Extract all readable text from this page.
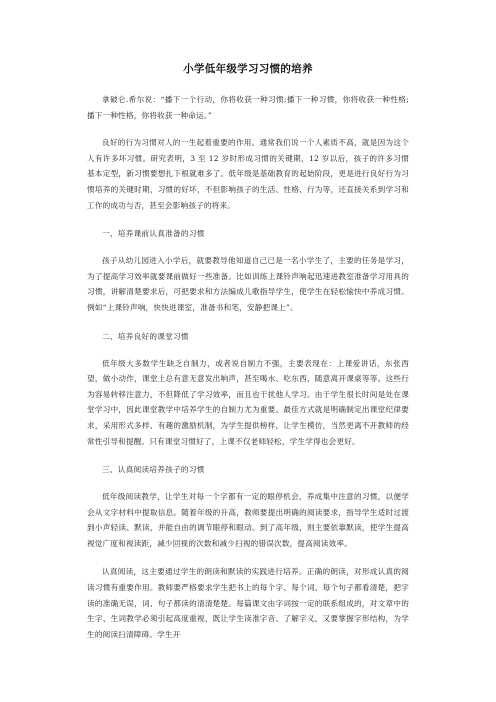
小学低年级学习习惯的培养

拿破仑.希尔说：“播下一个行动，你将收获一种习惯;播下一种习惯，你将收获一种性格;播下一种性格，你将收获一种命运。”

良好的行为习惯对人的一生起着重要的作用。通常我们说一个人素质不高，就是因为这个人有许多坏习惯。研究表明，3 至 12 岁时形成习惯的关键期，12 岁以后，孩子的许多习惯基本定型，新习惯要想扎下根就难多了。低年级是基础教育的起始阶段，更是进行良好行为习惯培养的关键时期，习惯的好坏，不但影响孩子的生活、性格、行为等，还直接关系到学习和工作的成功与否，甚至会影响孩子的将来。

一、培养课前认真准备的习惯

孩子从幼儿园进入小学后，就要教导他知道自己已是一名小学生了，主要的任务是学习，为了提高学习效率就要课前做好一些准备。比如训练上课铃声响起迅速进教室准备学习用具的习惯，讲解清楚要求后，可把要求和方法编成儿歌指导学生，使学生在轻松愉快中养成习惯。例如“上课铃声响，快快进课室，准备书和笔，安静把课上”。

二、培养良好的课堂习惯

低年级大多数学生缺乏自制力，或者说自制力不强，主要表现在：上课爱讲话，东张西望，做小动作，课堂上总有意无意发出响声，甚至喝水、吃东西，随意离开课桌等等。这些行为容易转移注意力，不但降低了学习效率，而且也干扰他人学习。由于学生很长时间是处在课堂学习中，因此课堂教学中培养学生的自制力尤为重要。最佳方式就是明确制定出课堂纪律要求，采用形式多样、有趣的激励机制，为学生提供榜样，让学生模仿，当然更离不开教师的经常性引导和提醒。只有课堂习惯好了，上课不仅老师轻松，学生学得也会更好。

三、认真阅读培养孩子的习惯

低年级阅读教学，让学生对每一个字都有一定的眼停机会，养成集中注意的习惯，以便学会从文字材料中提取信息。随着年级的升高，教师要提出明确的阅读要求，指导学生适时过渡到小声轻读、默读，并能自由的调节眼停和眼动。到了高年级，则主要依靠默读，使学生提高视觉广度和视读距，减少回视的次数和减少扫视的错误次数，提高阅读效率。

认真阅读，这主要通过学生的朗读和默读的实践进行培养。正确的朗读，对形成认真的阅读习惯有重要作用。教师要严格要求学生把书上的每个字、每个词、每个句子都看清楚，把字读的准确无误，词、句子都读的清清楚楚。每篇课文由字词按一定的联系组成的，对文章中的生字、生词教学必须引起高度重视，既让学生读准字音、了解字义，又要掌握字形结构，为学生的阅读扫清障碍。学生开
